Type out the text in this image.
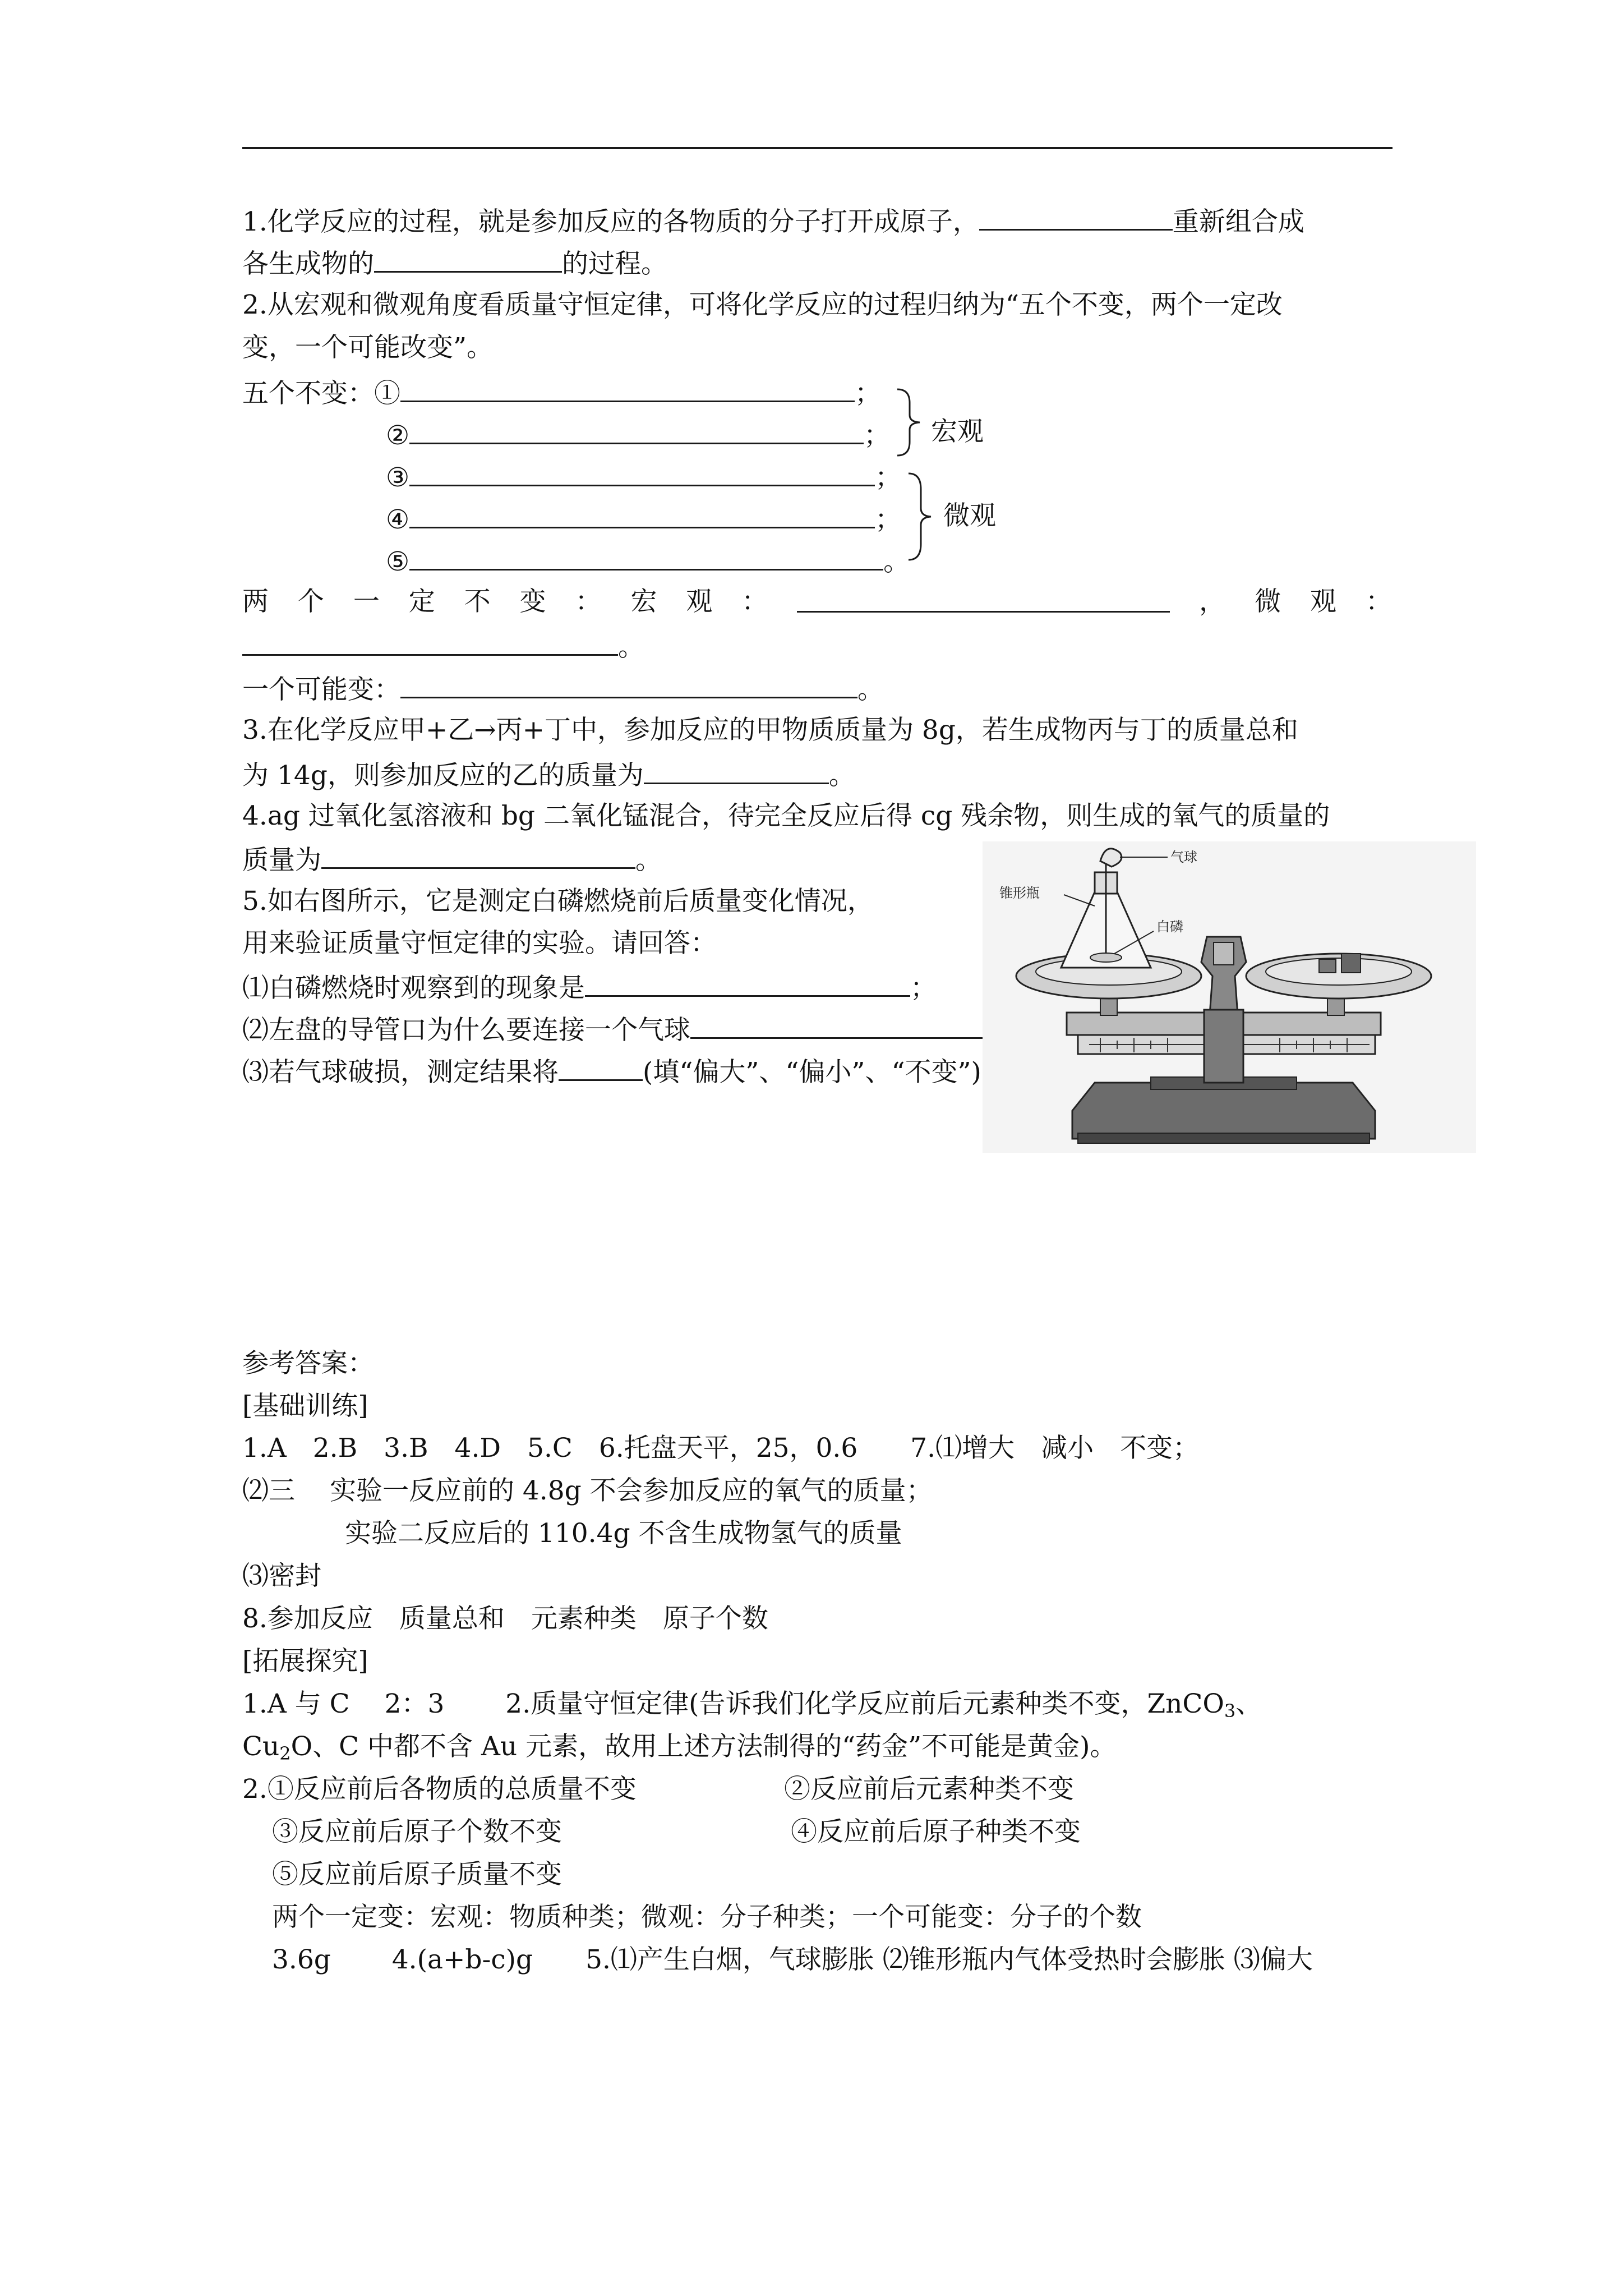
1.化学反应的过程，就是参加反应的各物质的分子打开成原子，	重新组合成
各生成物的	的过程。
2.从宏观和微观角度看质量守恒定律，可将化学反应的过程归纳为“五个不变，两个一定改
变，一个可能改变”。
五个不变：①	；
②	；
③	；
④	；
⑤	。
宏观
微观
两 个 一 定 不 变 ： 宏 观 ：	， 微 观 ：
。
一个可能变：	。
3.在化学反应甲+乙→丙+丁中，参加反应的甲物质质量为 8g，若生成物丙与丁的质量总和
为 14g，则参加反应的乙的质量为	。
4.ag 过氧化氢溶液和 bg 二氧化锰混合，待完全反应后得 cg 残余物，则生成的氧气的质量的
质量为	。
5.如右图所示，它是测定白磷燃烧前后质量变化情况，
用来验证质量守恒定律的实验。请回答：
⑴白磷燃烧时观察到的现象是	；
⑵左盘的导管口为什么要连接一个气球
⑶若气球破损，测定结果将	(填“偏大”、“偏小”、“不变”)
气球
锥形瓶
白磷
参考答案：
[基础训练]
1.A　2.B　3.B　4.D　5.C　6.托盘天平，25，0.6　　7.⑴增大　减小　不变；
⑵三　 实验一反应前的 4.8g 不会参加反应的氧气的质量；
实验二反应后的 110.4g 不含生成物氢气的质量
⑶密封
8.参加反应　质量总和　元素种类　原子个数
[拓展探究]
1.A 与 C　 2：3　　 2.质量守恒定律(告诉我们化学反应前后元素种类不变，ZnCO$_3$、
$Cu_2O$、C 中都不含 Au 元素，故用上述方法制得的“药金”不可能是黄金)。
2.①反应前后各物质的总质量不变	②反应前后元素种类不变
③反应前后原子个数不变	④反应前后原子种类不变
⑤反应前后原子质量不变
两个一定变：宏观：物质种类；微观：分子种类；一个可能变：分子的个数
3.6g　　 4.(a+b-c)g　　5.⑴产生白烟，气球膨胀 ⑵锥形瓶内气体受热时会膨胀 ⑶偏大
